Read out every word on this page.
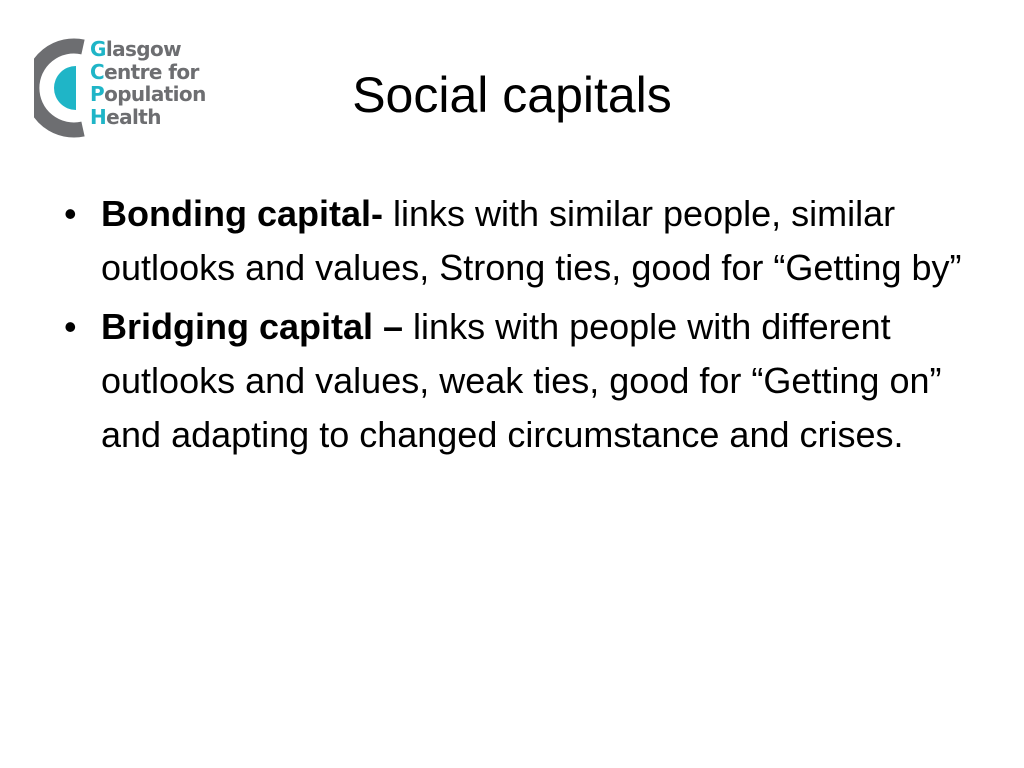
Glasgow
Centre for
Population
Health	Social capitals
• Bonding capital- links with similar people, similar outlooks and values, Strong ties, good for “Getting by”
• Bridging capital – links with people with different outlooks and values, weak ties, good for “Getting on” and adapting to changed circumstance and crises.
